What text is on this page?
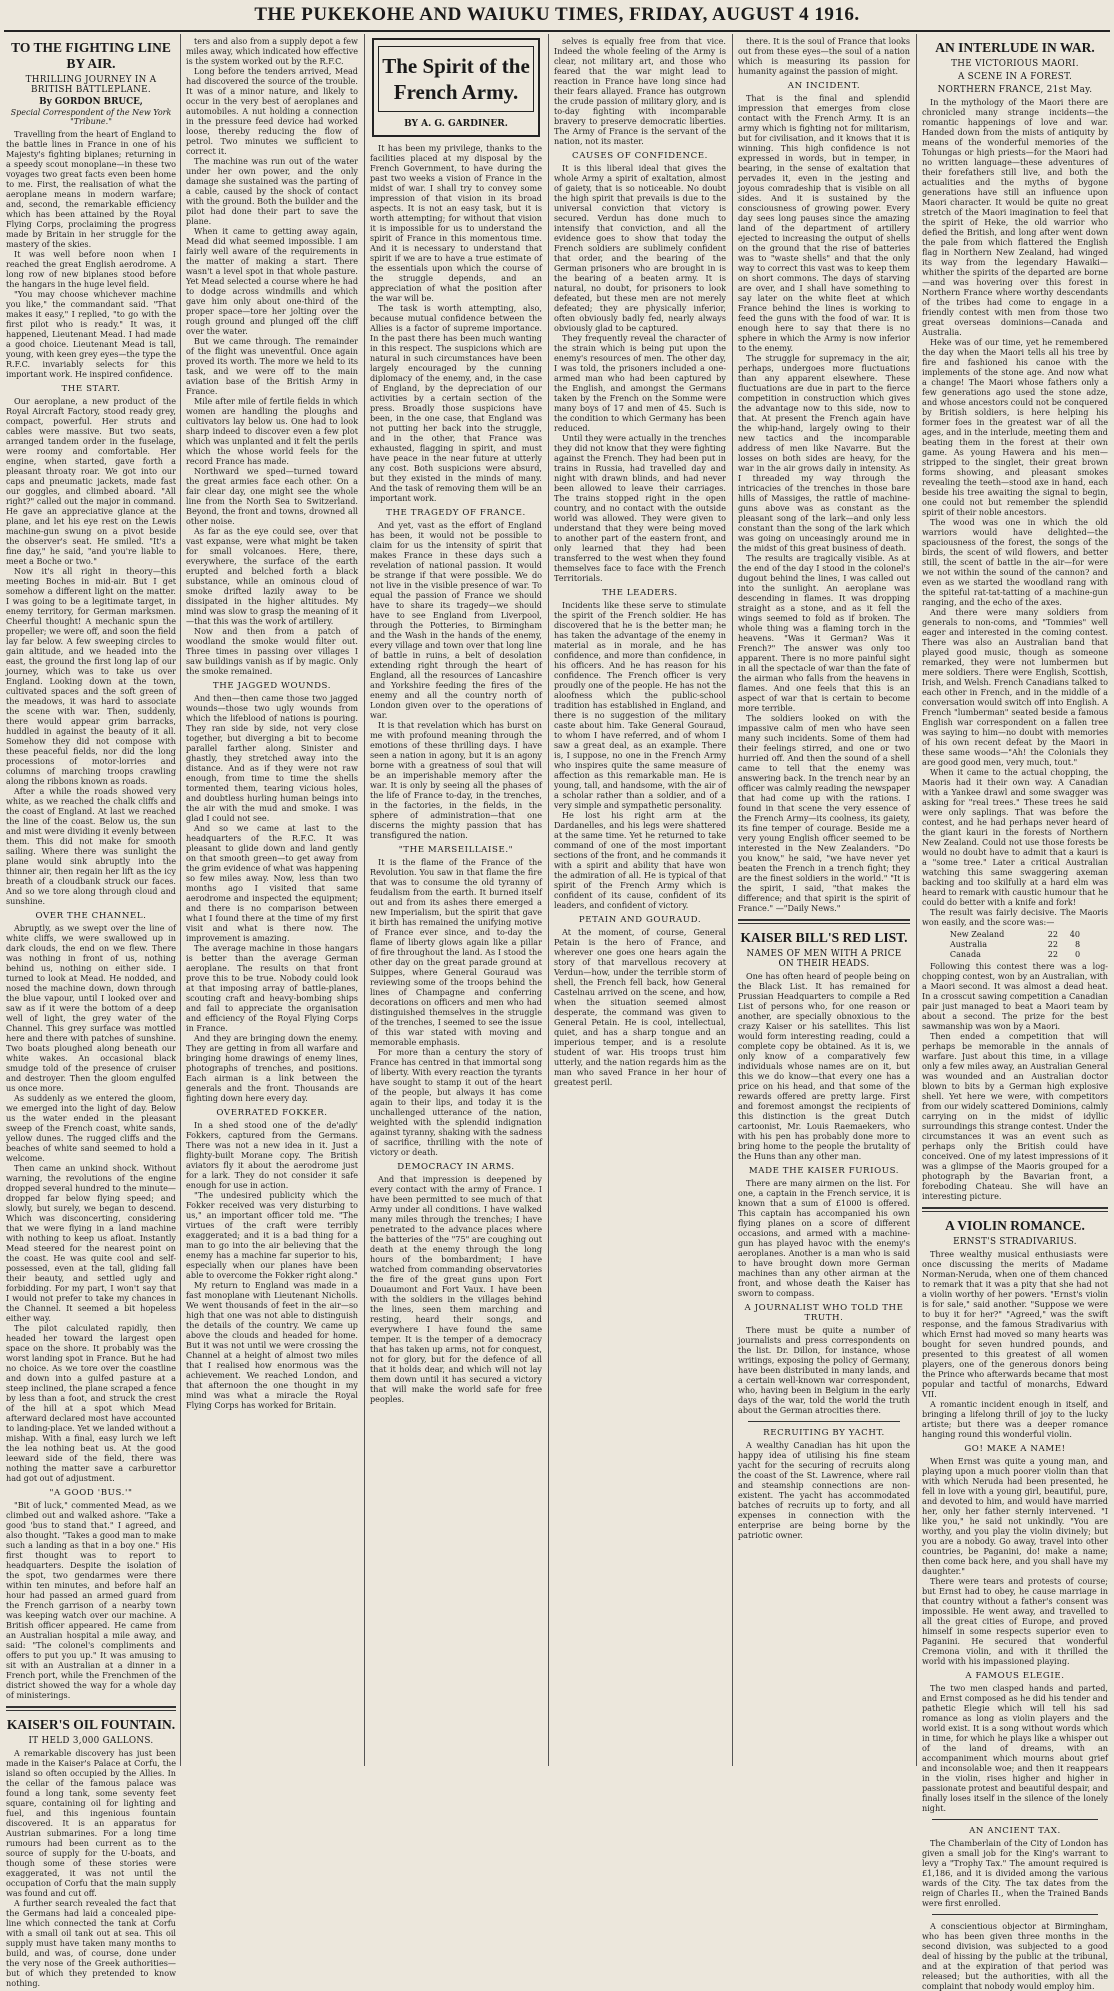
THE PUKEKOHE AND WAIUKU TIMES, FRIDAY, AUGUST 4 1916.
TO THE FIGHTING LINE BY AIR.
THRILLING JOURNEY IN A BRITISH BATTLEPLANE.
By GORDON BRUCE,
Special Correspondent of the New York "Tribune."

Travelling from the heart of England to the battle lines in France in one of his Majesty's fighting biplanes; returning in a speedy scout monoplane—in these two voyages two great facts even been home to me. First, the realisation of what the aeroplane means in modern warfare; and, second, the remarkable efficiency which has been attained by the Royal Flying Corps, proclaiming the progress made by Britain in her struggle for the mastery of the skies.

It was well before noon when I reached the great English aerodrome. A long row of new biplanes stood before the hangars in the huge level field.

"You may choose whichever machine you like," the commandant said. "That makes it easy," I replied, "to go with the first pilot who is ready." It was, it happened, Lieutenant Mead. I had made a good choice. Lieutenant Mead is tall, young, with keen grey eyes—the type the R.F.C. invariably selects for this important work. He inspired confidence.

THE START.

Our aeroplane, a new product of the Royal Aircraft Factory, stood ready grey, compact, powerful. Her struts and cables were massive. But two seats, arranged tandem order in the fuselage, were roomy and comfortable. Her engine, when started, gave forth a pleasant throaty roar. We got into our caps and pneumatic jackets, made fast our goggles, and climbed aboard. "All right?" called out the major in command. He gave an appreciative glance at the plane, and let his eye rest on the Lewis machine-gun swung on a pivot beside the observer's seat. He smiled. "It's a fine day," he said, "and you're liable to meet a Boche or two."

Now it's all right in theory—this meeting Boches in mid-air. But I get somehow a different light on the matter. I was going to be a legitimate target, in enemy territory, for German marksmen. Cheerful thought! A mechanic spun the propeller; we were off, and soon the field lay far below. A few sweeping circles to gain altitude, and we headed into the east, the ground the first long lap of our journey, which was to take us over England. Looking down at the town, cultivated spaces and the soft green of the meadows, it was hard to associate the scene with war. Then, suddenly, there would appear grim barracks, huddled in against the beauty of it all. Somehow they did not compose with these peaceful fields, nor did the long processions of motor-lorries and columns of marching troops crawling along the ribbons known as roads.

After a while the roads showed very white, as we reached the chalk cliffs and the coast of England. At last we reached the line of the coast. Below us, the sun and mist were dividing it evenly between them. This did not make for smooth sailing. Where there was sunlight the plane would sink abruptly into the thinner air, then regain her lift as the icy breath of a cloudbank struck our faces. And so we tore along through cloud and sunshine.

OVER THE CHANNEL.

Abruptly, as we swept over the line of white cliffs, we were swallowed up in dark clouds, the end on we flew. There was nothing in front of us, nothing behind us, nothing on either side. I turned to look at Mead. He nodded, and nosed the machine down, down through the blue vapour, until I looked over and saw as if it were the bottom of a deep well of light, the grey water of the Channel. This grey surface was mottled here and there with patches of sunshine. Two boats ploughed along beneath our white wakes. An occasional black smudge told of the presence of cruiser and destroyer. Then the gloom engulfed us once more.

As suddenly as we entered the gloom, we emerged into the light of day. Below us the water ended in the pleasant sweep of the French coast, white sands, yellow dunes. The rugged cliffs and the beaches of white sand seemed to hold a welcome.

Then came an unkind shock. Without warning, the revolutions of the engine dropped several hundred to the minute—dropped far below flying speed; and slowly, but surely, we began to descend. Which was disconcerting, considering that we were flying in a land machine with nothing to keep us afloat. Instantly Mead steered for the nearest point on the coast. He was quite cool and self-possessed, even at the tall, gliding fall their beauty, and settled ugly and forbidding. For my part, I won't say that I would not prefer to take my chances in the Channel. It seemed a bit hopeless either way.

The pilot calculated rapidly, then headed her toward the largest open space on the shore. It probably was the worst landing spot in France. But he had no choice. As we tore over the coastline and down into a gulfed pasture at a steep inclined, the plane scraped a fence by less than a foot, and struck the crest of the hill at a spot which Mead afterward declared most have accounted to landing-place. Yet we landed without a mishap. With a final, easy lurch we left the lea nothing beat us. At the good leeward side of the field, there was nothing the matter save a carburettor had got out of adjustment.

"A GOOD 'BUS.'"

"Bit of luck," commented Mead, as we climbed out and walked ashore. "Take a good 'bus to stand that." I agreed, and also thought. "Takes a good man to make such a landing as that in a boy one." His first thought was to report to headquarters. Despite the isolation of the spot, two gendarmes were there within ten minutes, and before half an hour had passed an armed guard from the French garrison of a nearby town was keeping watch over our machine. A British officer appeared. He came from an Australian hospital a mile away, and said: "The colonel's compliments and offers to put you up." It was amusing to sit with an Australian at a dinner in a French port, while the Frenchmen of the district showed the way for a whole day of ministerings.

KAISER'S OIL FOUNTAIN.
IT HELD 3,000 GALLONS.

A remarkable discovery has just been made in the Kaiser's Palace at Corfu, the island so often occupied by the Allies. In the cellar of the famous palace was found a long tank, some seventy feet square, containing oil for lighting and fuel, and this ingenious fountain discovered. It is an apparatus for Austrian submarines. For a long time rumours had been current as to the source of supply for the U-boats, and though some of these stories were exaggerated, it was not until the occupation of Corfu that the main supply was found and cut off.

A further search revealed the fact that the Germans had laid a concealed pipe-line which connected the tank at Corfu with a small oil tank out at sea. This oil supply must have taken many months to build, and was, of course, done under the very nose of the Greek authorities—but of which they pretended to know nothing.

ters and also from a supply depot a few miles away, which indicated how effective is the system worked out by the R.F.C.

Long before the tenders arrived, Mead had discovered the source of the trouble. It was of a minor nature, and likely to occur in the very best of aeroplanes and automobiles. A nut holding a connection in the pressure feed device had worked loose, thereby reducing the flow of petrol. Two minutes we sufficient to correct it.

The machine was run out of the water under her own power, and the only damage she sustained was the parting of a cable, caused by the shock of contact with the ground. Both the builder and the pilot had done their part to save the plane.

When it came to getting away again, Mead did what seemed impossible. I am fairly well aware of the requirements in the matter of making a start. There wasn't a level spot in that whole pasture. Yet Mead selected a course where he had to dodge across windmills and which gave him only about one-third of the proper space—tore her jolting over the rough ground and plunged off the cliff over the water.

But we came through. The remainder of the flight was uneventful. Once again proved its worth. The more we held to its task, and we were off to the main aviation base of the British Army in France.

Mile after mile of fertile fields in which women are handling the ploughs and cultivators lay below us. One had to look sharp indeed to discover even a few plot which was unplanted and it felt the perils which the whose world feels for the record France has made.

Northward we sped—turned toward the great armies face each other. On a fair clear day, one might see the whole line from the North Sea to Switzerland. Beyond, the front and towns, drowned all other noise.

As far as the eye could see, over that vast expanse, were what might be taken for small volcanoes. Here, there, everywhere, the surface of the earth erupted and belched forth a black substance, while an ominous cloud of smoke drifted lazily away to be dissipated in the higher altitudes. My mind was slow to grasp the meaning of it—that this was the work of artillery.

Now and then from a patch of woodland the smoke would filter out. Three times in passing over villages I saw buildings vanish as if by magic. Only the smoke remained.

THE JAGGED WOUNDS.

And then—then came those two jagged wounds—those two ugly wounds from which the lifeblood of nations is pouring. They ran side by side, not very close together, but diverging a bit to become parallel farther along. Sinister and ghastly, they stretched away into the distance. And as if they were not raw enough, from time to time the shells tormented them, tearing vicious holes, and doubtless hurling human beings into the air with the mud and smoke. I was glad I could not see.

And so we came at last to the headquarters of the R.F.C. It was pleasant to glide down and land gently on that smooth green—to get away from the grim evidence of what was happening so few miles away. Now, less than two months ago I visited that same aerodrome and inspected the equipment; and there is no comparison between what I found there at the time of my first visit and what is there now. The improvement is amazing.

The average machine in those hangars is better than the average German aeroplane. The results on that front prove this to be true. Nobody could look at that imposing array of battle-planes, scouting craft and heavy-bombing ships and fail to appreciate the organisation and efficiency of the Royal Flying Corps in France.

And they are bringing down the enemy. They are getting in from all warfare and bringing home drawings of enemy lines, photographs of trenches, and positions. Each airman is a link between the generals and the front. Thousands are fighting down here every day.

OVERRATED FOKKER.

In a shed stood one of the de'adly' Fokkers, captured from the Germans. There was not a new idea in it. Just a flighty-built Morane copy. The British aviators fly it about the aerodrome just for a lark. They do not consider it safe enough for use in action.

"The undesired publicity which the Fokker received was very disturbing to us," an important officer told me. "The virtues of the craft were terribly exaggerated; and it is a bad thing for a man to go into the air believing that the enemy has a machine far superior to his, especially when our planes have been able to overcome the Fokker right along."

My return to England was made in a fast monoplane with Lieutenant Nicholls. We went thousands of feet in the air—so high that one was not able to distinguish the details of the country. We came up above the clouds and headed for home. But it was not until we were crossing the Channel at a height of almost two miles that I realised how enormous was the achievement. We reached London, and that afternoon the one thought in my mind was what a miracle the Royal Flying Corps has worked for Britain.

The Spirit of the French Army.
BY A. G. GARDINER.

It has been my privilege, thanks to the facilities placed at my disposal by the French Government, to have during the past two weeks a vision of France in the midst of war. I shall try to convey some impression of that vision in its broad aspects. It is not an easy task, but it is worth attempting; for without that vision it is impossible for us to understand the spirit of France in this momentous time. And it is necessary to understand that spirit if we are to have a true estimate of the essentials upon which the course of the struggle depends, and an appreciation of what the position after the war will be.

The task is worth attempting, also, because mutual confidence between the Allies is a factor of supreme importance. In the past there has been much wanting in this respect. The suspicions which are natural in such circumstances have been largely encouraged by the cunning diplomacy of the enemy, and, in the case of England, by the depreciation of our activities by a certain section of the press. Broadly those suspicions have been, in the one case, that England was not putting her back into the struggle, and in the other, that France was exhausted, flagging in spirit, and must have peace in the near future at utterly any cost. Both suspicions were absurd, but they existed in the minds of many. And the task of removing them will be an important work.

THE TRAGEDY OF FRANCE.

And yet, vast as the effort of England has been, it would not be possible to claim for us the intensity of spirit that makes France in these days such a revelation of national passion. It would be strange if that were possible. We do not live in the visible presence of war. To equal the passion of France we should have to share its tragedy—we should have to see England from Liverpool, through the Potteries, to Birmingham and the Wash in the hands of the enemy, every village and town over that long line of battle in ruins, a belt of desolation extending right through the heart of England, all the resources of Lancashire and Yorkshire feeding the fires of the enemy and all the country north of London given over to the operations of war.

It is that revelation which has burst on me with profound meaning through the emotions of these thrilling days. I have seen a nation in agony, but it is an agony borne with a greatness of soul that will be an imperishable memory after the war. It is only by seeing all the phases of the life of France to-day, in the trenches, in the factories, in the fields, in the sphere of administration—that one discerns the mighty passion that has transfigured the nation.

"THE MARSEILLAISE."

It is the flame of the France of the Revolution. You saw in that flame the fire that was to consume the old tyranny of feudalism from the earth. It burned itself out and from its ashes there emerged a new Imperialism, but the spirit that gave it birth has remained the unifying motive of France ever since, and to-day the flame of liberty glows again like a pillar of fire throughout the land. As I stood the other day on the great parade ground at Suippes, where General Gouraud was reviewing some of the troops behind the lines of Champagne and conferring decorations on officers and men who had distinguished themselves in the struggle of the trenches, I seemed to see the issue of this war stated with moving and memorable emphasis.

For more than a century the story of France has centred in that immortal song of liberty. With every reaction the tyrants have sought to stamp it out of the heart of the people, but always it has come again to their lips, and today it is the unchallenged utterance of the nation, weighted with the splendid indignation against tyranny, shaking with the sadness of sacrifice, thrilling with the note of victory or death.

DEMOCRACY IN ARMS.

And that impression is deepened by every contact with the army of France. I have been permitted to see much of that Army under all conditions. I have walked many miles through the trenches; I have penetrated to the advance places where the batteries of the "75" are coughing out death at the enemy through the long hours of the bombardment; I have watched from commanding observatories the fire of the great guns upon Fort Douaumont and Fort Vaux. I have been with the soldiers in the villages behind the lines, seen them marching and resting, heard their songs, and everywhere I have found the same temper. It is the temper of a democracy that has taken up arms, not for conquest, not for glory, but for the defence of all that it holds dear, and which will not lay them down until it has secured a victory that will make the world safe for free peoples.

selves is equally free from that vice. Indeed the whole feeling of the Army is clear, not military art, and those who feared that the war might lead to reaction in France have long since had their fears allayed. France has outgrown the crude passion of military glory, and is to-day fighting with incomparable bravery to preserve democratic liberties. The Army of France is the servant of the nation, not its master.

CAUSES OF CONFIDENCE.

It is this liberal ideal that gives the whole Army a spirit of exaltation, almost of gaiety, that is so noticeable. No doubt the high spirit that prevails is due to the universal conviction that victory is secured. Verdun has done much to intensify that conviction, and all the evidence goes to show that today the French soldiers are sublimely confident that order, and the bearing of the German prisoners who are brought in is the bearing of a beaten army. It is natural, no doubt, for prisoners to look defeated, but these men are not merely defeated; they are physically inferior, often obviously badly fed, nearly always obviously glad to be captured.

They frequently reveal the character of the strain which is being put upon the enemy's resources of men. The other day, I was told, the prisoners included a one-armed man who had been captured by the English, and amongst the Germans taken by the French on the Somme were many boys of 17 and men of 45. Such is the condition to which Germany has been reduced.

Until they were actually in the trenches they did not know that they were fighting against the French. They had been put in trains in Russia, had travelled day and night with drawn blinds, and had never been allowed to leave their carriages. The trains stopped right in the open country, and no contact with the outside world was allowed. They were given to understand that they were being moved to another part of the eastern front, and only learned that they had been transferred to the west when they found themselves face to face with the French Territorials.

THE LEADERS.

Incidents like these serve to stimulate the spirit of the French soldier. He has discovered that he is the better man; he has taken the advantage of the enemy in material as in morale, and he has confidence, and more than confidence, in his officers. And he has reason for his confidence. The French officer is very proudly one of the people. He has not the aloofness which the public-school tradition has established in England, and there is no suggestion of the military caste about him. Take General Gouraud, to whom I have referred, and of whom I saw a great deal, as an example. There is, I suppose, no one in the French Army who inspires quite the same measure of affection as this remarkable man. He is young, tall, and handsome, with the air of a scholar rather than a soldier, and of a very simple and sympathetic personality.

He lost his right arm at the Dardanelles, and his legs were shattered at the same time. Yet he returned to take command of one of the most important sections of the front, and he commands it with a spirit and ability that have won the admiration of all. He is typical of that spirit of the French Army which is confident of its cause, confident of its leaders, and confident of victory.

PETAIN AND GOURAUD.

At the moment, of course, General Petain is the hero of France, and wherever one goes one hears again the story of that marvellous recovery at Verdun—how, under the terrible storm of shell, the French fell back, how General Castelnau arrived on the scene, and how, when the situation seemed almost desperate, the command was given to General Petain. He is cool, intellectual, quiet, and has a sharp tongue and an imperious temper, and is a resolute student of war. His troops trust him utterly, and the nation regards him as the man who saved France in her hour of greatest peril.

there. It is the soul of France that looks out from these eyes—the soul of a nation which is measuring its passion for humanity against the passion of might.

AN INCIDENT.

That is the final and splendid impression that emerges from close contact with the French Army. It is an army which is fighting not for militarism, but for civilisation, and it knows that it is winning. This high confidence is not expressed in words, but in temper, in bearing, in the sense of exaltation that pervades it, even in the jesting and joyous comradeship that is visible on all sides. And it is sustained by the consciousness of growing power. Every day sees long pauses since the amazing land of the department of artillery ejected to increasing the output of shells on the ground that the rise of batteries was to "waste shells" and that the only way to correct this vast was to keep them on short commons. The days of starving are over, and I shall have something to say later on the white fleet at which France behind the lines is working to feed the guns with the food of war. It is enough here to say that there is no sphere in which the Army is now inferior to the enemy.

The struggle for supremacy in the air, perhaps, undergoes more fluctuations than any apparent elsewhere. These fluctuations are due in part to the fierce competition in construction which gives the advantage now to this side, now to that. At present the French again have the whip-hand, largely owing to their new tactics and the incomparable address of men like Navarre. But the losses on both sides are heavy, for the war in the air grows daily in intensity. As I threaded my way through the intricacies of the trenches in those bare hills of Massiges, the rattle of machine-guns above was as constant as the pleasant song of the lark—and only less constant than the song of the lark which was going on unceasingly around me in the midst of this great business of death.

The results are tragically visible. As at the end of the day I stood in the colonel's dugout behind the lines, I was called out into the sunlight. An aeroplane was descending in flames. It was dropping straight as a stone, and as it fell the wings seemed to fold as if broken. The whole thing was a flaming torch in the heavens. "Was it German? Was it French?" The answer was only too apparent. There is no more painful sight in all the spectacle of war than the fate of the airman who falls from the heavens in flames. And one feels that this is an aspect of war that is certain to become more terrible.

The soldiers looked on with the impassive calm of men who have seen many such incidents. Some of them had their feelings stirred, and one or two hurried off. And then the sound of a shell came to tell that the enemy was answering back. In the trench near by an officer was calmly reading the newspaper that had come up with the rations. I found in that scene the very essence of the French Army—its coolness, its gaiety, its fine temper of courage. Beside me a very young English officer seemed to be interested in the New Zealanders. "Do you know," he said, "we have never yet beaten the French in a trench fight; they are the finest soldiers in the world." "It is the spirit, I said, "that makes the difference; and that spirit is the spirit of France." —"Daily News."

KAISER BILL'S RED LIST.
NAMES OF MEN WITH A PRICE ON THEIR HEADS.

One has often heard of people being on the Black List. It has remained for Prussian Headquarters to compile a Red List of persons who, for one reason or another, are specially obnoxious to the crazy Kaiser or his satellites. This list would form interesting reading, could a complete copy be obtained. As it is, we only know of a comparatively few individuals whose names are on it, but this we do know—that every one has a price on his head, and that some of the rewards offered are pretty large. First and foremost amongst the recipients of this distinction is the great Dutch cartoonist, Mr. Louis Raemaekers, who with his pen has probably done more to bring home to the people the brutality of the Huns than any other man.

MADE THE KAISER FURIOUS.

There are many airmen on the list. For one, a captain in the French service, it is known that a sum of £1000 is offered. This captain has accompanied his own flying planes on a score of different occasions, and armed with a machine-gun has played havoc with the enemy's aeroplanes. Another is a man who is said to have brought down more German machines than any other airman at the front, and whose death the Kaiser has sworn to compass.

A JOURNALIST WHO TOLD THE TRUTH.

There must be quite a number of journalists and press correspondents on the list. Dr. Dillon, for instance, whose writings, exposing the policy of Germany, have been distributed in many lands, and a certain well-known war correspondent, who, having been in Belgium in the early days of the war, told the world the truth about the German atrocities there.

RECRUITING BY YACHT.

A wealthy Canadian has hit upon the happy idea of utilising his fine steam yacht for the securing of recruits along the coast of the St. Lawrence, where rail and steamship connections are non-existent. The yacht has accommodated batches of recruits up to forty, and all expenses in connection with the enterprise are being borne by the patriotic owner.

AN INTERLUDE IN WAR.
THE VICTORIOUS MAORI.
A SCENE IN A FOREST.
NORTHERN FRANCE, 21st May.

In the mythology of the Maori there are chronicled many strange incidents—the romantic happenings of love and war. Handed down from the mists of antiquity by means of the wonderful memories of the Tohungas or high priests—for the Maori had no written language—these adventures of their forefathers still live, and both the actualities and the myths of bygone generations have still an influence upon Maori character. It would be quite no great stretch of the Maori imagination to feel that the spirit of Heke, the old warrior who defied the British, and long after went down the pale from which flattered the English flag in Northern New Zealand, had winged its way from the legendary Hawaiki—whither the spirits of the departed are borne—and was hovering over this forest in Northern France where worthy descendants of the tribes had come to engage in a friendly contest with men from those two great overseas dominions—Canada and Australia.

Heke was of our time, yet he remembered the day when the Maori tells all his tree by fire and fashioned his canoe with the implements of the stone age. And now what a change! The Maori whose fathers only a few generations ago used the stone adze, and whose ancestors could not be conquered by British soldiers, is here helping his former foes in the greatest war of all the ages, and in the interlude, meeting them and beating them in the forest at their own game. As young Hawera and his men—stripped to the singlet, their great brown forms showing, and pleasant smokes revealing the teeth—stood axe in hand, each beside his tree awaiting the signal to begin, one could not but remember the splendid spirit of their noble ancestors.

The wood was one in which the old warriors would have delighted—the spaciousness of the forest, the songs of the birds, the scent of wild flowers, and better still, the scent of battle in the air—for were we not within the sound of the cannon? and even as we started the woodland rang with the spiteful rat-tat-tatting of a machine-gun ranging, and the echo of the axes.

And there were many soldiers from generals to non-coms, and "Tommies" well eager and interested in the coming contest. There was also an Australian band that played good music, though as someone remarked, they were not lumbermen but mere soldiers. There were English, Scottish, Irish, and Welsh. French Canadians talked to each other in French, and in the middle of a conversation would switch off into English. A French "lumberman" seated beside a famous English war correspondent on a fallen tree was saying to him—no doubt with memories of his own recent defeat by the Maori in these same woods—"Ah! the Colonials they are good good men, very much, tout."

When it came to the actual chopping, the Maoris had it their own way. A Canadian with a Yankee drawl and some swagger was asking for "real trees." These trees he said were only saplings. That was before the contest, and he had perhaps never heard of the giant kauri in the forests of Northern New Zealand. Could not use those forests be would no doubt have to admit that a kauri is a "some tree." Later a critical Australian watching this same swaggering axeman backing and too skilfully at a hard elm was heard to remark with caustic humour that he could do better with a knife and fork!

The result was fairly decisive. The Maoris won easily, and the score was:—

New Zealand	22	40
Australia	22	8
Canada	22	0

Following this contest there was a log-chopping contest, won by an Australian, with a Maori second. It was almost a dead heat. In a crosscut sawing competition a Canadian pair just managed to beat a Maori team by about a second. The prize for the best sawmanship was won by a Maori.

Then ended a competition that will perhaps be memorable in the annals of warfare. Just about this time, in a village only a few miles away, an Australian General was wounded and an Australian doctor blown to bits by a German high explosive shell. Yet here we were, with competitors from our widely scattered Dominions, calmly carrying on in the midst of idyllic surroundings this strange contest. Under the circumstances it was an event such as perhaps only the British could have conceived. One of my latest impressions of it was a glimpse of the Maoris grouped for a photograph by the Bavarian front, a foreboding Chateau. She will have an interesting picture.

A VIOLIN ROMANCE.
ERNST'S STRADIVARIUS.

Three wealthy musical enthusiasts were once discussing the merits of Madame Norman-Neruda, when one of them chanced to remark that it was a pity that she had not a violin worthy of her powers. "Ernst's violin is for sale," said another. "Suppose we were to buy it for her?" "Agreed," was the swift response, and the famous Stradivarius with which Ernst had moved so many hearts was bought for seven hundred pounds, and presented to this greatest of all women players, one of the generous donors being the Prince who afterwards became that most popular and tactful of monarchs, Edward VII.

A romantic incident enough in itself, and bringing a lifelong thrill of joy to the lucky artiste; but there was a deeper romance hanging round this wonderful violin.

GO! MAKE A NAME!

When Ernst was quite a young man, and playing upon a much poorer violin than that with which Neruda had been presented, he fell in love with a young girl, beautiful, pure, and devoted to him, and would have married her, only her father sternly intervened. "I like you," he said not unkindly. "You are worthy, and you play the violin divinely; but you are a nobody. Go away, travel into other countries, be Paganini, do! make a name; then come back here, and you shall have my daughter."

There were tears and protests of course; but Ernst had to obey, he cause marriage in that country without a father's consent was impossible. He went away, and travelled to all the great cities of Europe, and proved himself in some respects superior even to Paganini. He secured that wonderful Cremona violin, and with it thrilled the world with his impassioned playing.

A FAMOUS ELEGIE.

The two men clasped hands and parted, and Ernst composed as he did his tender and pathetic Elegie which will tell his sad romance as long as violin players and the world exist. It is a song without words which in time, for which he plays like a whisper out of the land of dreams, with an accompaniment which mourns about grief and inconsolable woe; and then it reappears in the violin, rises higher and higher in passionate protest and beautiful despair, and finally loses itself in the silence of the lonely night.

AN ANCIENT TAX.

The Chamberlain of the City of London has given a small job for the King's warrant to levy a "Trophy Tax." The amount required is £1,186, and it is divided among the various wards of the City. The tax dates from the reign of Charles II., when the Trained Bands were first enrolled.

A conscientious objector at Birmingham, who has been given three months in the second division, was subjected to a good deal of hissing by the public at the tribunal, and at the expiration of that period was released; but the authorities, with all the complaint that nobody would employ him.
